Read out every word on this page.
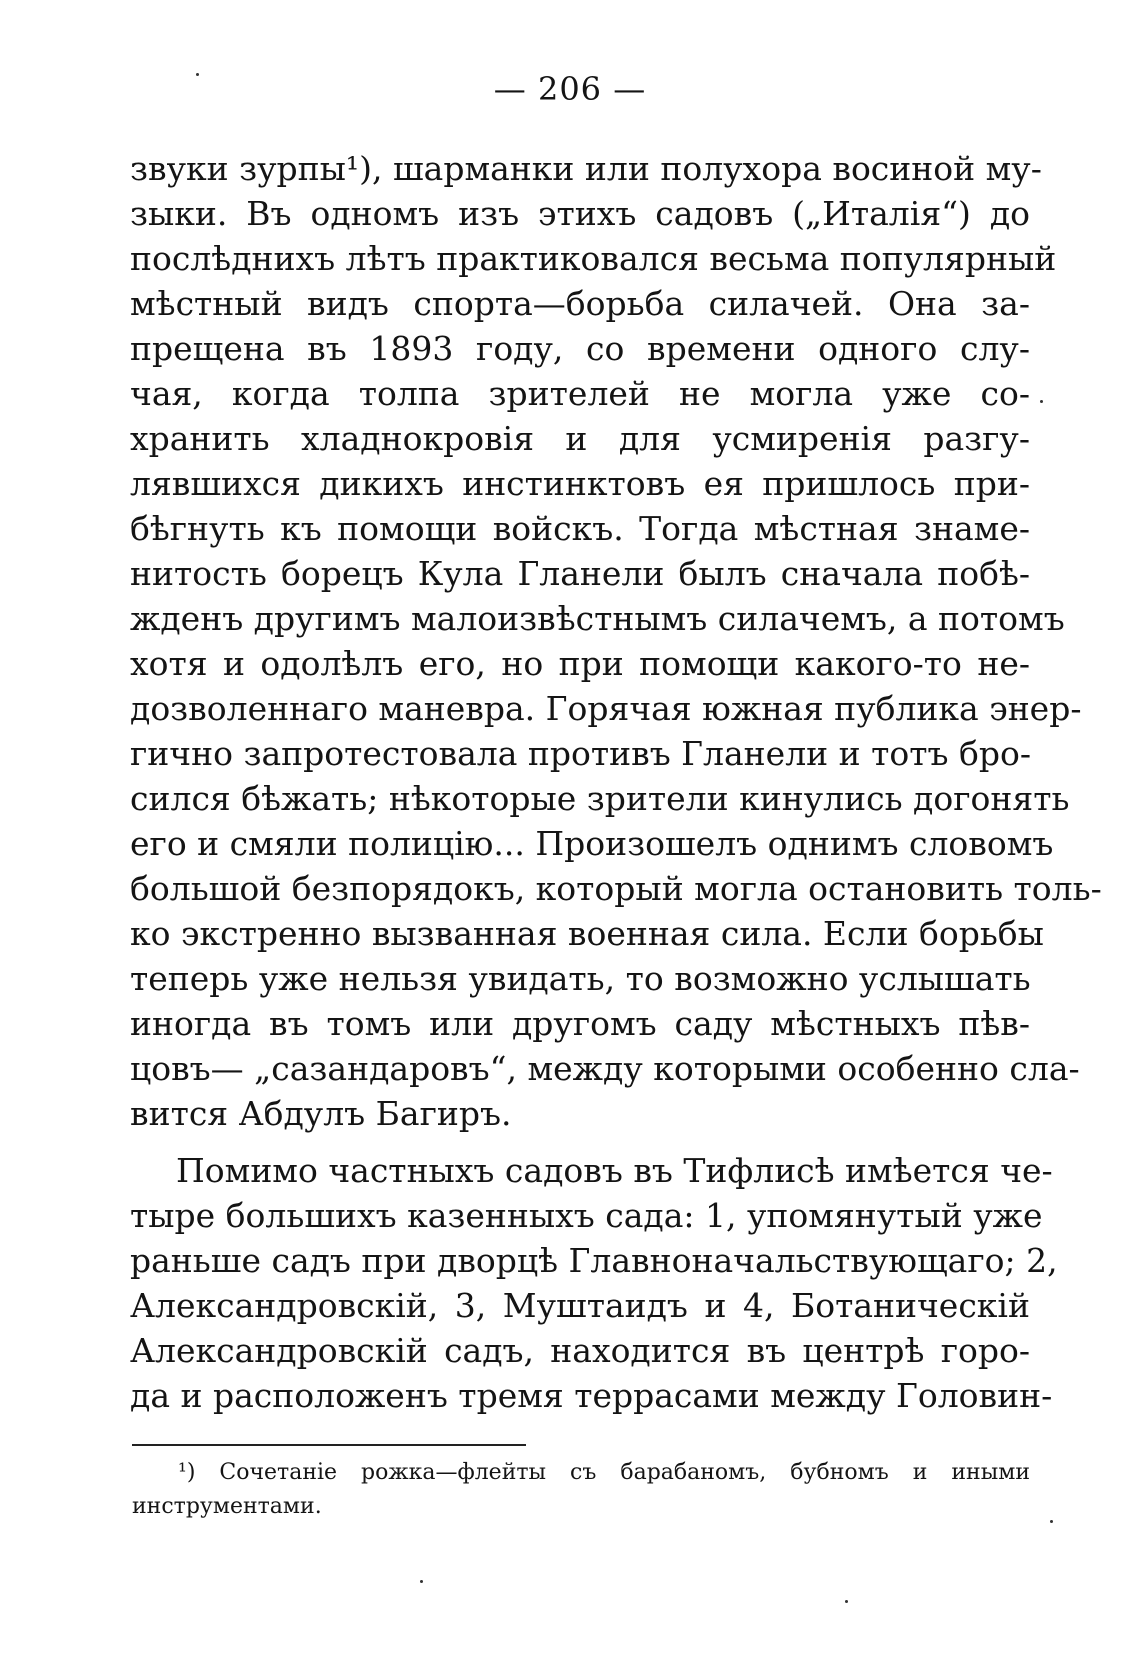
— 206 —
звуки зурпы¹), шарманки или полухора восиной му-
зыки. Въ одномъ изъ этихъ садовъ („Италія“) до
послѣднихъ лѣтъ практиковался весьма популярный
мѣстный видъ спорта—борьба силачей. Она за-
прещена въ 1893 году, со времени одного слу-
чая, когда толпа зрителей не могла уже со-
хранить хладнокровія и для усмиренія разгу-
лявшихся дикихъ инстинктовъ ея пришлось при-
бѣгнуть къ помощи войскъ. Тогда мѣстная знаме-
нитость борецъ Кула Гланели былъ сначала побѣ-
жденъ другимъ малоизвѣстнымъ силачемъ, а потомъ
хотя и одолѣлъ его, но при помощи какого-то не-
дозволеннаго маневра. Горячая южная публика энер-
гично запротестовала противъ Гланели и тотъ бро-
сился бѣжать; нѣкоторые зрители кинулись догонять
его и смяли полицію... Произошелъ однимъ словомъ
большой безпорядокъ, который могла остановить толь-
ко экстренно вызванная военная сила. Если борьбы
теперь уже нельзя увидать, то возможно услышать
иногда въ томъ или другомъ саду мѣстныхъ пѣв-
цовъ— „сазандаровъ“, между которыми особенно сла-
вится Абдулъ Багиръ.
Помимо частныхъ садовъ въ Тифлисѣ имѣется че-
тыре большихъ казенныхъ сада: 1, упомянутый уже
раньше садъ при дворцѣ Главноначальствующаго; 2,
Александровскій, 3, Муштаидъ и 4, Ботаническій
Александровскій садъ, находится въ центрѣ горо-
да и расположенъ тремя террасами между Головин-
¹) Сочетаніе рожка—флейты съ барабаномъ, бубномъ и иными
инструментами.
